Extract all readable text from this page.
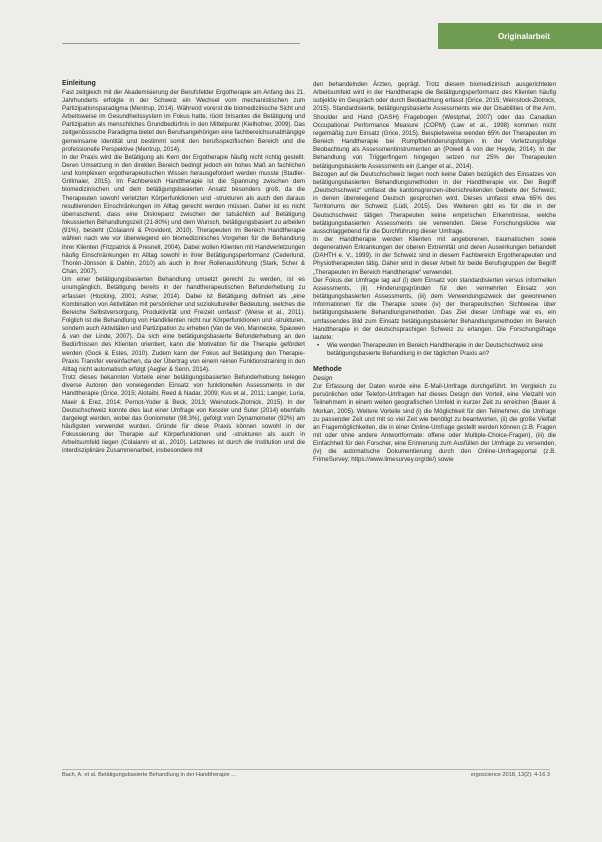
Originalarbeit
Einleitung

Fast zeitgleich mit der Akademisierung der Berufsfelder Ergotherapie am Anfang des 21. Jahrhunderts erfolgte in der Schweiz ein Wechsel vom mechanistischen zum Partizipationsparadigma (Mentrup, 2014). Während vorerst die biomedizinische Sicht und Arbeitsweise im Gesundheitssystem im Fokus hatte, rückt brisantes die Betätigung und Partizipation als menschliches Grundbedürfnis in den Mittelpunkt (Kielhofner, 2009). Das zeitgenössische Paradigma bietet den Berufsangehörigen eine fachbereichsunabhängige gemeinsame Identität und bestimmt somit den berufsspezifischen Bereich und die professionelle Perspektive (Mentrup, 2014).

In der Praxis wird die Betätigung als Kern der Ergotherapie häufig nicht richtig gestellt. Deren Umsetzung in den direkten Bereich bedingt jedoch ein hohes Maß an fachlichen und komplexem ergotherapeutischen Wissen herausgefordert werden musste (Stadler-Grillmaier, 2015). Im Fachbereich Handtherapie ist die Spannung zwischen dem biomedizinischen und dem betätigungsbasierten Ansatz besonders groß, da die Therapeuten sowohl verletzten Körperfunktionen und -strukturen als auch den daraus resultierenden Einschränkungen im Alltag gerecht werden müssen. Daher ist es nicht überraschend, dass eine Diskrepanz zwischen der tatsächlich auf Betätigung fokussierten Behandlungszeit (21-80%) und dem Wunsch, betätigungsbasiert zu arbeiten (91%), besteht (Colaianni & Provident, 2010). Therapeuten im Bereich Handtherapie wählen nach wie vor überwiegend ein biomedizinisches Vorgehen für die Behandlung ihrer Klienten (Fitzpatrick & Presnell, 2004). Dabei wollen Klienten mit Handverletzungen häufig Einschränkungen im Alltag sowohl in ihrer Betätigungsperformanz (Cederlund, Thorén-Jönsson & Dahlin, 2010) als auch in ihrer Rollenausführung (Stark, Scher & Chan, 2007).

Um einer betätigungsbasierten Behandlung umsetzt gerecht zu werden, ist es unumgänglich, Betätigung bereits in der handtherapeutischen Befunderhebung zu erfassen (Hocking, 2001; Asher, 2014). Dabei ist Betätigung definiert als „eine Kombination von Aktivitäten mit persönlicher und soziokultureller Bedeutung, welches die Bereiche Selbstversorgung, Produktivität und Freizeit umfasst“ (Weise et al., 2011). Folglich ist die Behandlung von Handklienten nicht nur Körperfunktionen und -strukturen, sondern auch Aktivitäten und Partizipation zu erheben (Van de Ven, Mannecke, Spauwen & van der Linde, 2007). Da sich eine betätigungsbasierte Befunderhebung an den Bedürfnissen des Klienten orientiert, kann die Motivation für die Therapie gefördert werden (Gock & Estes, 2010). Zudem kann der Fokus auf Betätigung den Therapie-Praxis Transfer vereinfachen, da der Übertrag von einem reinen Funktionstraining in den Alltag nicht automatisch erfolgt (Aegler & Senn, 2014).

Trotz dieses bekannten Vorteile einer betätigungsbasierten Befunderhebung belegen diverse Autoren den vorwiegenden Einsatz von funktionellen Assessments in der Handtherapie (Grice, 2015; Alotaibi, Reed & Nadar, 2009; Kus et al., 2011; Langer, Luria, Maeir & Erez, 2014; Pernot-Yoder & Beck, 2013; Weinstock-Zlotnick, 2015). In der Deutschschweiz konnte dies laut einer Umfrage von Kessler und Suter (2014) ebenfalls dargelegt werden, wobei das Goniometer (98.3%), gefolgt vom Dynamometer (92%) am häufigsten verwendet wurden. Gründe für diese Praxis können sowohl in der Fokussierung der Therapie auf Körperfunktionen und -strukturen als auch in Arbeitsumfeld liegen (Colaianni et al., 2010). Letzteres ist durch die Institution und die interdisziplinäre Zusammenarbeit, insbesondere mit

den behandelnden Ärzten, geprägt. Trotz diesem biomedizinisch ausgerichteten Arbeitsumfeld wird in der Handtherapie die Betätigungsperformanz des Klienten häufig subjektiv im Gespräch oder durch Beobachtung erfasst (Grice, 2015; Weinstock-Zlotnick, 2015). Standardisierte, betätigungsbasierte Assessments wie der Disabilities of the Arm, Shoulder and Hand (DASH) Fragebogen (Westphal, 2007) oder das Canadian Occupational Performance Measure (COPM) (Law et al., 1998) kommen nicht regelmäßig zum Einsatz (Grice, 2015). Beispielsweise wenden 65% der Therapeuten im Bereich Handtherapie bei Rumpfbehinderungsfolgen in der Verletzungsfolge Beobachtung als Assessmentinstrumenten an (Powell & von der Heyde, 2014). In der Behandlung von Triggerfingern hingegen setzen nur 25% der Therapeuten betätigungsbasierte Assessments ein (Langer et al., 2014).

Bezogen auf die Deutschschweiz liegen noch keine Daten bezüglich des Einsatzes von betätigungsbasierten Behandlungsmethoden in der Handtherapie vor. Der Begriff „Deutschschweiz“ umfasst die kantonsgrenzen-überschreitenden Gebiete der Schweiz, in denen überwiegend Deutsch gesprochen wird. Dieses umfasst etwa 65% des Territoriums der Schweiz (Lüdi, 2015). Des Weiteren gibt es für die in der Deutschschweiz tätigen Therapeuten keine empirischen Erkenntnisse, welche betätigungsbasierten Assessments sie verwenden. Diese Forschungslücke war ausschlaggebend für die Durchführung dieser Umfrage.

In der Handtherapie werden Klienten mit angeborenen, traumatischen sowie degenerativen Erkrankungen der oberen Extremität und deren Auswirkungen behandelt (DAHTH e. V., 1999). In der Schweiz sind in diesem Fachbereich Ergotherapeuten und Physiotherapeuten tätig. Daher wird in dieser Arbeit für beide Berufsgruppen der Begriff „Therapeuten im Bereich Handtherapie“ verwendet.

Der Fokus der Umfrage lag auf (i) dem Einsatz von standardisierten versus informellen Assessments, (ii) Hinderungsgründen für den vermehrten Einsatz von betätigungsbasierten Assessments, (iii) dem Verwendungszweck der gewonnenen Informationen für die Therapie sowie (iv) der therapeutischen Sichtweise über betätigungsbasierte Behandlungsmethoden. Das Ziel dieser Umfrage war es, ein umfassendes Bild zum Einsatz betätigungsbasierter Behandlungsmethoden im Bereich Handtherapie in der deutschsprachigen Schweiz zu erlangen. Die Forschungsfrage lautete:

•	Wie wenden Therapeuten im Bereich Handtherapie in der Deutschschweiz eine betätigungsbasierte Behandlung in der täglichen Praxis an?
Methode
Design

Zur Erfassung der Daten wurde eine E-Mail-Umfrage durchgeführt. Im Vergleich zu persönlichen oder Telefon-Umfragen hat dieses Design den Vorteil, eine Vielzahl von Teilnehmern in einem weiten geografischen Umfeld in kurzer Zeit zu erreichen (Bauer & Morkan, 2005). Weitere Vorteile sind (i) die Möglichkeit für den Teilnehmer, die Umfrage zu passender Zeit und mit so viel Zeit wie benötigt zu beantworten, (ii) die große Vielfalt an Fragemöglichkeiten, die in einer Online-Umfrage gestellt werden können (z.B. Fragen mit oder ohne andere Antwortformate: offene oder Multiple-Choice-Fragen), (iii) die Einfachheit für den Forscher, eine Erinnerung zum Ausfüllen der Umfrage zu versenden, (iv) die automatische Dokumentierung durch den Online-Umfrageportal (z.B. FrimeSurvey; https://www.limesurvey.org/de/) sowie

Bach, A. et al. Betätigungsbasierte Behandlung in der Handtherapie ...	ergoscience 2018, 13(2): 4-16 3
